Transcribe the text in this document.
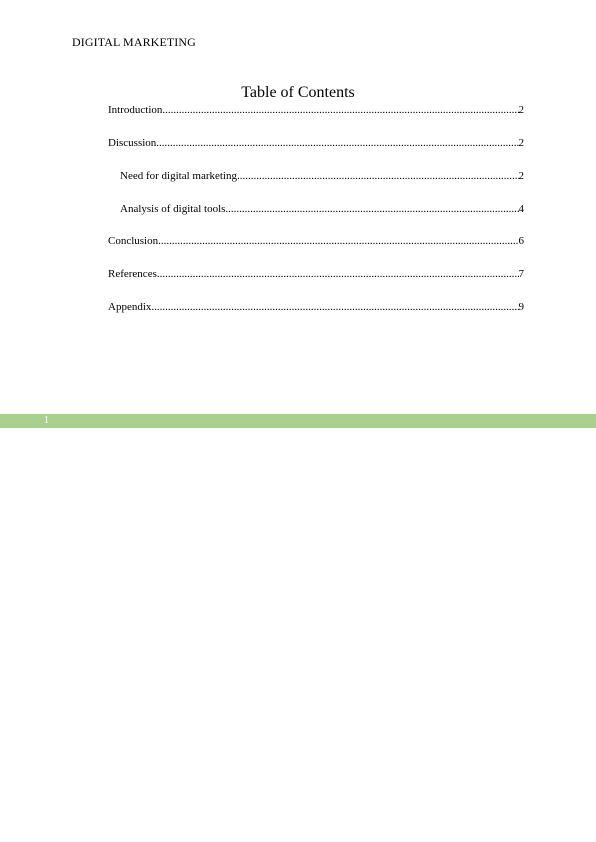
DIGITAL MARKETING
Table of Contents
Introduction .....	2
Discussion .....	2
Need for digital marketing .....	2
Analysis of digital tools .....	4
Conclusion .....	6
References .....	7
Appendix .....	9
1
